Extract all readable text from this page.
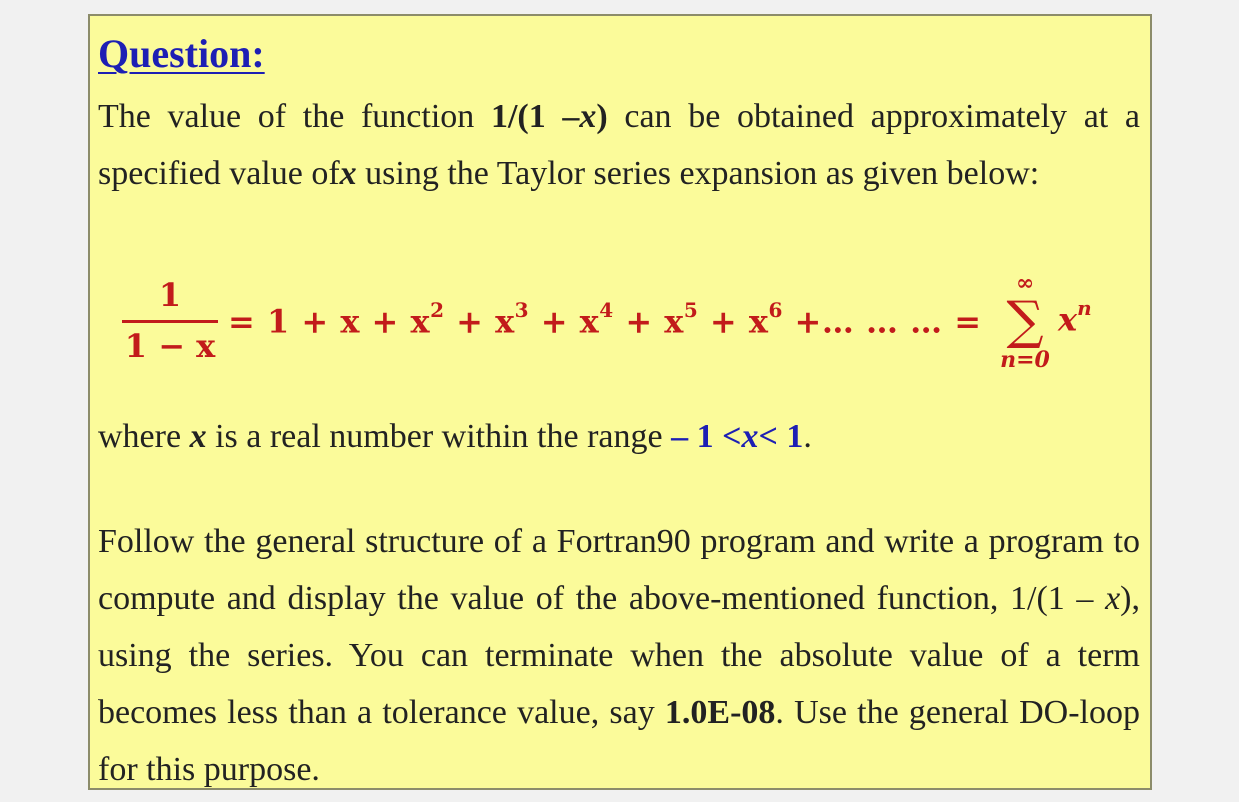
Question:
The value of the function 1/(1 –x) can be obtained approximately at a specified value ofx using the Taylor series expansion as given below:
1
1 − x
= $1 + x + x^2 + x^3 + x^4 + x^5 + x^6$ +… … … =
∞
∑
n=0
$x^n$
where x is a real number within the range – 1 <x< 1.
Follow the general structure of a Fortran90 program and write a program to compute and display the value of the above-mentioned function, 1/(1 – x), using the series. You can terminate when the absolute value of a term becomes less than a tolerance value, say 1.0E-08. Use the general DO-loop for this purpose.
